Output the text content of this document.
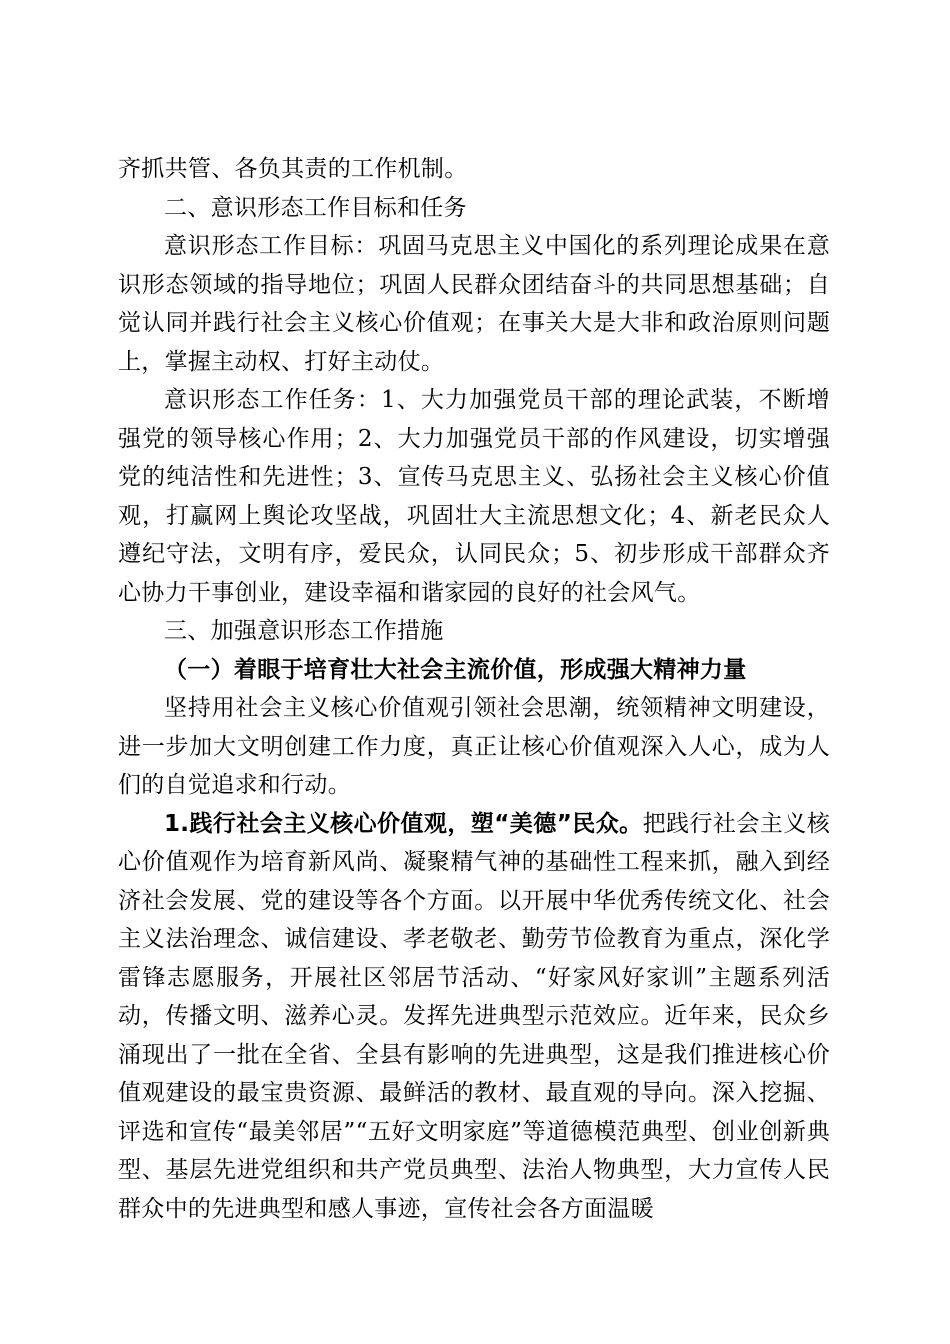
齐抓共管、各负其责的工作机制。

二、意识形态工作目标和任务

意识形态工作目标：巩固马克思主义中国化的系列理论成果在意识形态领域的指导地位；巩固人民群众团结奋斗的共同思想基础；自觉认同并践行社会主义核心价值观；在事关大是大非和政治原则问题上，掌握主动权、打好主动仗。

意识形态工作任务：1、大力加强党员干部的理论武装，不断增强党的领导核心作用；2、大力加强党员干部的作风建设，切实增强党的纯洁性和先进性；3、宣传马克思主义、弘扬社会主义核心价值观，打赢网上舆论攻坚战，巩固壮大主流思想文化；4、新老民众人遵纪守法，文明有序，爱民众，认同民众；5、初步形成干部群众齐心协力干事创业，建设幸福和谐家园的良好的社会风气。

三、加强意识形态工作措施

（一）着眼于培育壮大社会主流价值，形成强大精神力量

坚持用社会主义核心价值观引领社会思潮，统领精神文明建设，进一步加大文明创建工作力度，真正让核心价值观深入人心，成为人们的自觉追求和行动。

1.践行社会主义核心价值观，塑“美德”民众。把践行社会主义核心价值观作为培育新风尚、凝聚精气神的基础性工程来抓，融入到经济社会发展、党的建设等各个方面。以开展中华优秀传统文化、社会主义法治理念、诚信建设、孝老敬老、勤劳节俭教育为重点，深化学雷锋志愿服务，开展社区邻居节活动、“好家风好家训”主题系列活动，传播文明、滋养心灵。发挥先进典型示范效应。近年来，民众乡涌现出了一批在全省、全县有影响的先进典型，这是我们推进核心价值观建设的最宝贵资源、最鲜活的教材、最直观的导向。深入挖掘、评选和宣传“最美邻居”“五好文明家庭”等道德模范典型、创业创新典型、基层先进党组织和共产党员典型、法治人物典型，大力宣传人民群众中的先进典型和感人事迹，宣传社会各方面温暖
